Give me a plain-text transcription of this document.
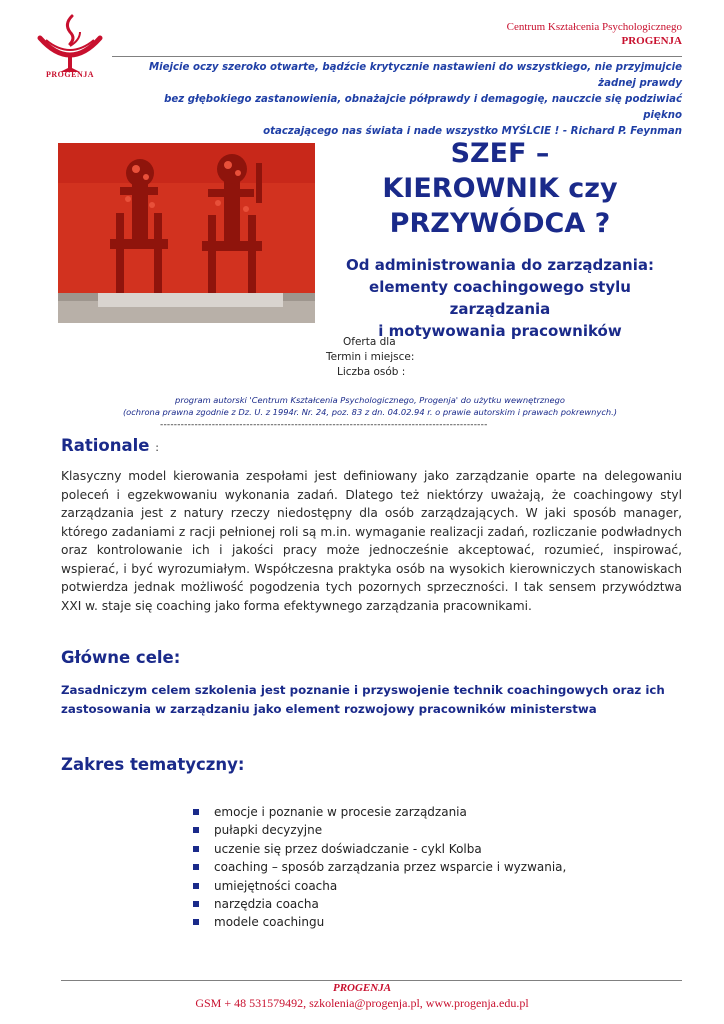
PROGENJA
Centrum Kształcenia Psychologicznego
PROGENJA
Miejcie oczy szeroko otwarte, bądźcie krytycznie nastawieni do wszystkiego, nie przyjmujcie żadnej prawdy
bez głębokiego zastanowienia, obnażajcie półprawdy i demagogię, nauczcie się podziwiać piękno
otaczającego nas świata i nade wszystko MYŚLCIE ! - Richard P. Feynman
SZEF –
KIEROWNIK czy
PRZYWÓDCA ?
Od administrowania do zarządzania:
elementy coachingowego stylu zarządzania
i motywowania pracowników
Oferta dla
Termin i miejsce:
Liczba osób :
program autorski 'Centrum Kształcenia Psychologicznego, Progenja' do użytku wewnętrznego
(ochrona prawna zgodnie z Dz. U. z 1994r. Nr. 24, poz. 83 z dn. 04.02.94 r. o prawie autorskim i prawach pokrewnych.)
-----------------------------------------------------------------------------------------------
Rationale :
Klasyczny model kierowania zespołami jest definiowany jako zarządzanie oparte na delegowaniu poleceń i egzekwowaniu wykonania zadań. Dlatego też niektórzy uważają, że coachingowy styl zarządzania jest z natury rzeczy niedostępny dla osób zarządzających. W jaki sposób manager, którego zadaniami z racji pełnionej roli są m.in. wymaganie realizacji zadań, rozliczanie podwładnych oraz kontrolowanie ich i jakości pracy może jednocześnie akceptować, rozumieć, inspirować, wspierać, i być wyrozumiałym. Współczesna praktyka osób na wysokich kierowniczych stanowiskach potwierdza jednak możliwość pogodzenia tych pozornych sprzeczności. I tak sensem przywództwa XXI w. staje się coaching jako forma efektywnego zarządzania pracownikami.
Główne cele:
Zasadniczym celem szkolenia jest poznanie i przyswojenie technik coachingowych oraz ich zastosowania w zarządzaniu jako element rozwojowy pracowników ministerstwa
Zakres tematyczny:
emocje i poznanie w procesie zarządzania
pułapki decyzyjne
uczenie się przez doświadczanie - cykl Kolba
coaching – sposób zarządzania przez wsparcie i wyzwania,
umiejętności coacha
narzędzia coacha
modele coachingu
PROGENJA
GSM + 48 531579492, szkolenia@progenja.pl, www.progenja.edu.pl
